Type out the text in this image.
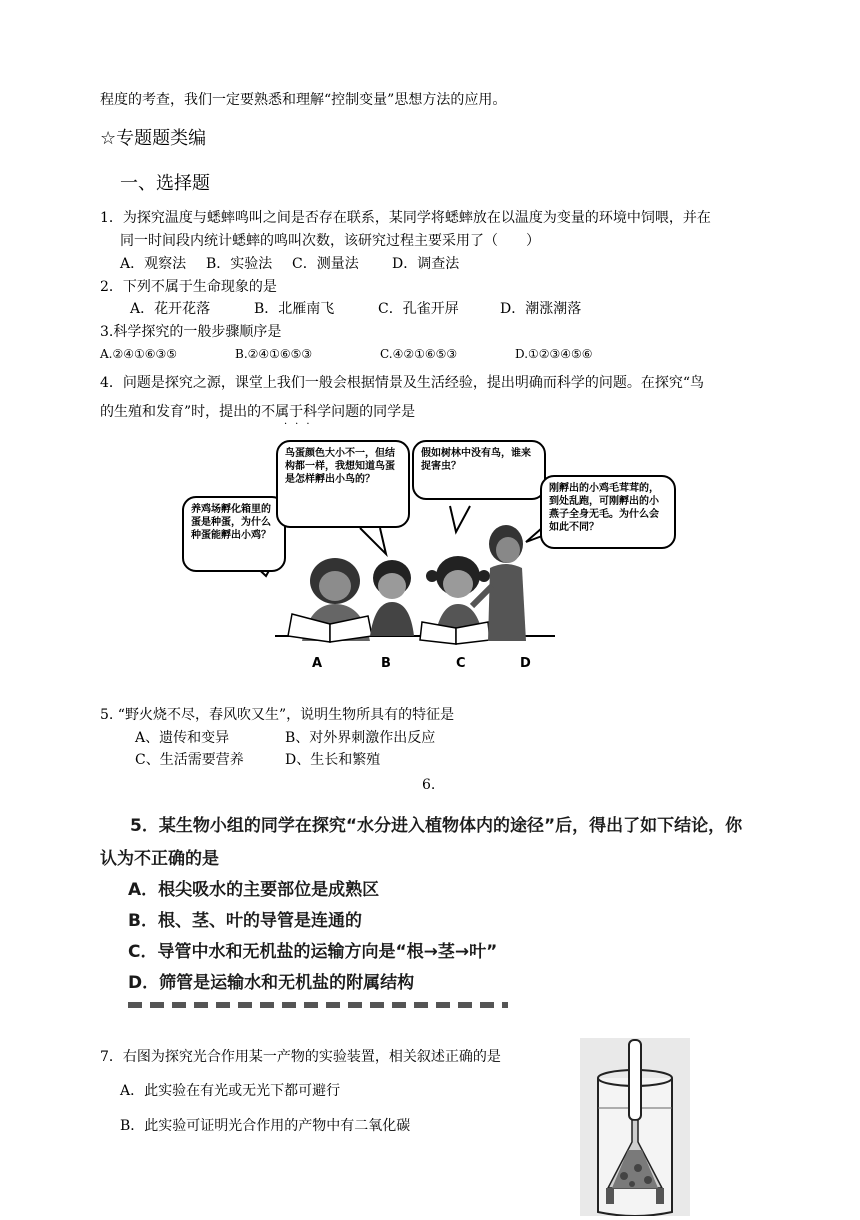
程度的考查，我们一定要熟悉和理解“控制变量”思想方法的应用。
☆专题题类编
一、选择题
1．为探究温度与蟋蟀鸣叫之间是否存在联系，某同学将蟋蟀放在以温度为变量的环境中饲喂，并在
同一时间段内统计蟋蟀的鸣叫次数，该研究过程主要采用了（　　）
A．观察法 B．实验法 C．测量法 D．调查法
2．下列不属于生命现象的是
A．花开花落	B．北雁南飞	C．孔雀开屏	D．潮涨潮落
3.科学探究的一般步骤顺序是
A.②④①⑥③⑤	B.②④①⑥⑤③	C.④②①⑥⑤③	D.①②③④⑤⑥
4．问题是探究之源，课堂上我们一般会根据情景及生活经验，提出明确而科学的问题。在探究“鸟
的生殖和发育”时，提出的不属于科学问题的同学是
···
养鸡场孵化箱里的蛋是种蛋，为什么种蛋能孵出小鸡？
鸟蛋颜色大小不一，但结构都一样，我想知道鸟蛋是怎样孵出小鸟的？
假如树林中没有鸟，谁来捉害虫？
刚孵出的小鸡毛茸茸的，到处乱跑，可刚孵出的小燕子全身无毛。为什么会如此不同？
A	B	C	D
5. “野火烧不尽，春风吹又生”，说明生物所具有的特征是
A、遗传和变异	B、对外界刺激作出反应
C、生活需要营养	D、生长和繁殖
6.
5．某生物小组的同学在探究“水分进入植物体内的途径”后，得出了如下结论，你
认为不正确的是
A．根尖吸水的主要部位是成熟区
B．根、茎、叶的导管是连通的
C．导管中水和无机盐的运输方向是“根→茎→叶”
D．筛管是运输水和无机盐的附属结构
7．右图为探究光合作用某一产物的实验装置，相关叙述正确的是
A．此实验在有光或无光下都可避行
B．此实验可证明光合作用的产物中有二氧化碳
